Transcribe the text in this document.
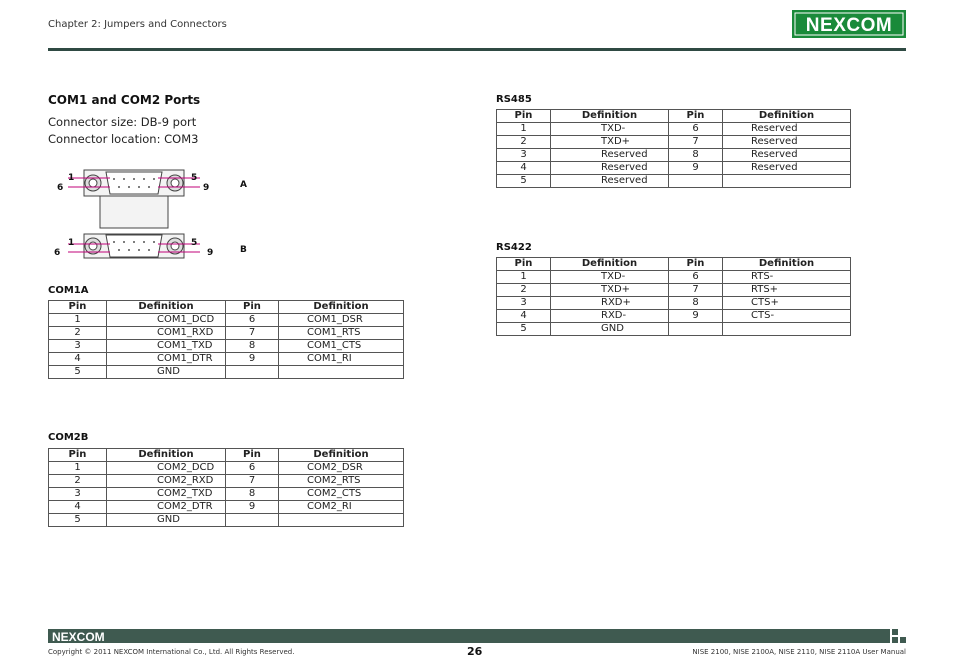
Chapter 2: Jumpers and Connectors	NEXCOM
COM1 and COM2 Ports
Connector size: DB-9 port
Connector location: COM3
1
6
5
9	A
1
6
5
9	B
COM1A
Pin	Definition	Pin	Definition
1	COM1_DCD	6	COM1_DSR
2	COM1_RXD	7	COM1_RTS
3	COM1_TXD	8	COM1_CTS
4	COM1_DTR	9	COM1_RI
5	GND		
COM2B
Pin	Definition	Pin	Definition
1	COM2_DCD	6	COM2_DSR
2	COM2_RXD	7	COM2_RTS
3	COM2_TXD	8	COM2_CTS
4	COM2_DTR	9	COM2_RI
5	GND		
RS485
Pin	Definition	Pin	Definition
1	TXD-	6	Reserved
2	TXD+	7	Reserved
3	Reserved	8	Reserved
4	Reserved	9	Reserved
5	Reserved		
RS422
Pin	Definition	Pin	Definition
1	TXD-	6	RTS-
2	TXD+	7	RTS+
3	RXD+	8	CTS+
4	RXD-	9	CTS-
5	GND		
NEXCOM
Copyright © 2011 NEXCOM International Co., Ltd. All Rights Reserved.	26	NISE 2100, NISE 2100A, NISE 2110, NISE 2110A User Manual
